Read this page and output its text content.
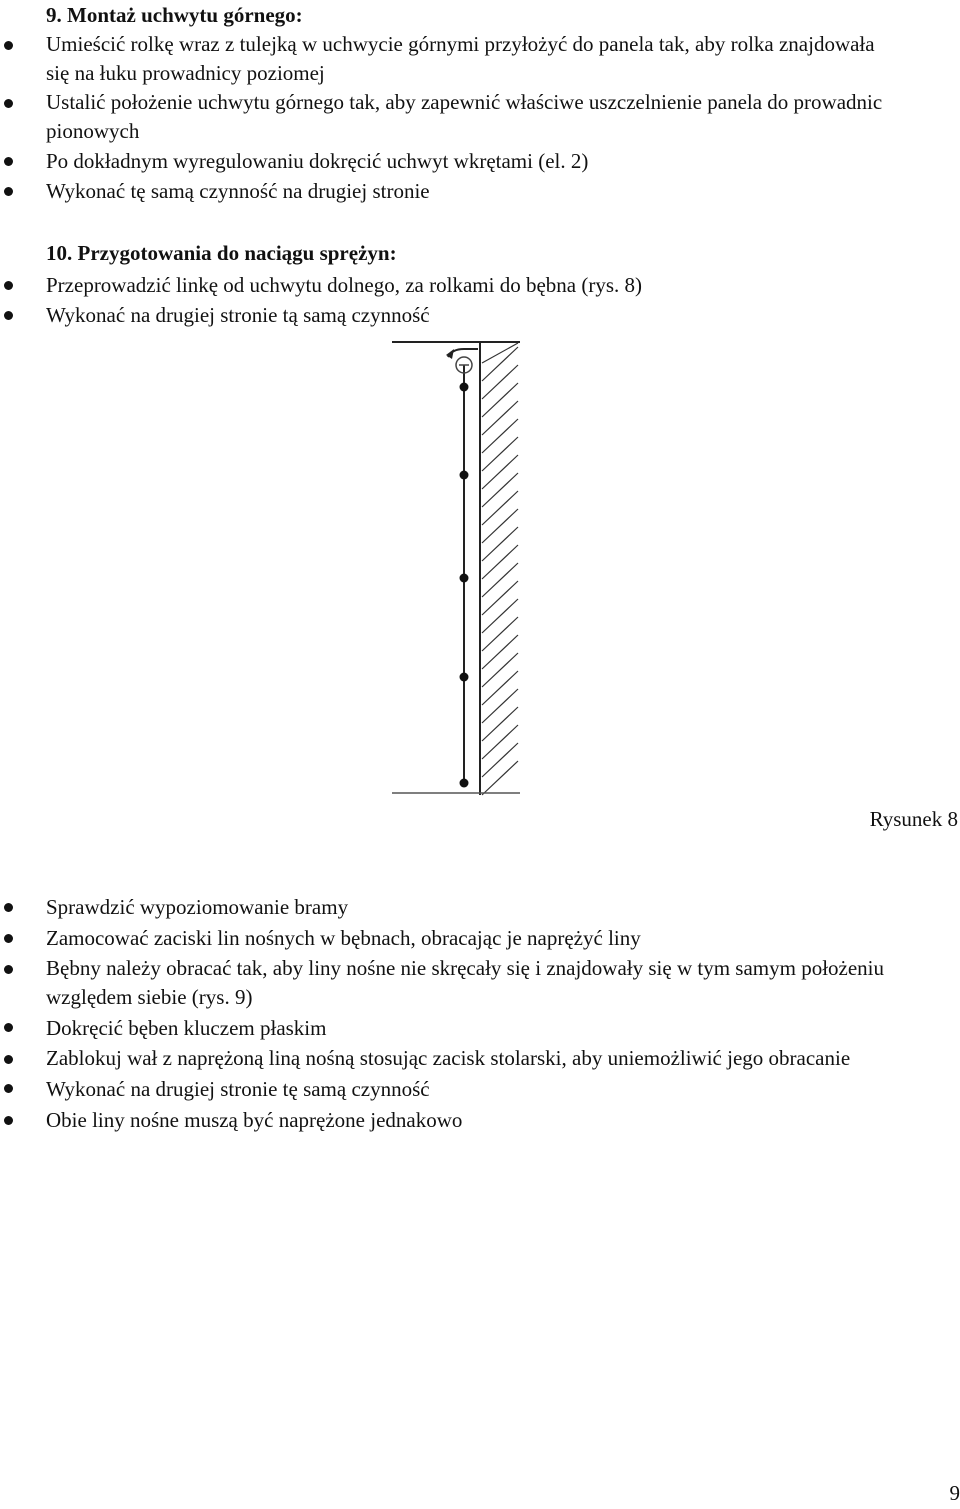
9. Montaż uchwytu górnego:
Umieścić rolkę wraz z tulejką w uchwycie górnymi przyłożyć do panela tak, aby rolka znajdowała się na łuku prowadnicy poziomej
Ustalić położenie uchwytu górnego tak, aby zapewnić właściwe uszczelnienie panela do prowadnic pionowych
Po dokładnym wyregulowaniu dokręcić uchwyt wkrętami (el. 2)
Wykonać tę samą czynność na drugiej stronie
10. Przygotowania do naciągu sprężyn:
Przeprowadzić linkę od uchwytu dolnego, za rolkami do bębna (rys. 8)
Wykonać na drugiej stronie tą samą czynność
Rysunek 8
Sprawdzić wypoziomowanie bramy
Zamocować zaciski lin nośnych w bębnach, obracając je naprężyć liny
Bębny należy obracać tak, aby liny nośne nie skręcały się i znajdowały się w tym samym położeniu względem siebie (rys. 9)
Dokręcić bęben kluczem płaskim
Zablokuj wał z naprężoną liną nośną stosując zacisk stolarski, aby uniemożliwić jego obracanie
Wykonać na drugiej stronie tę samą czynność
Obie liny nośne muszą być naprężone jednakowo
9
